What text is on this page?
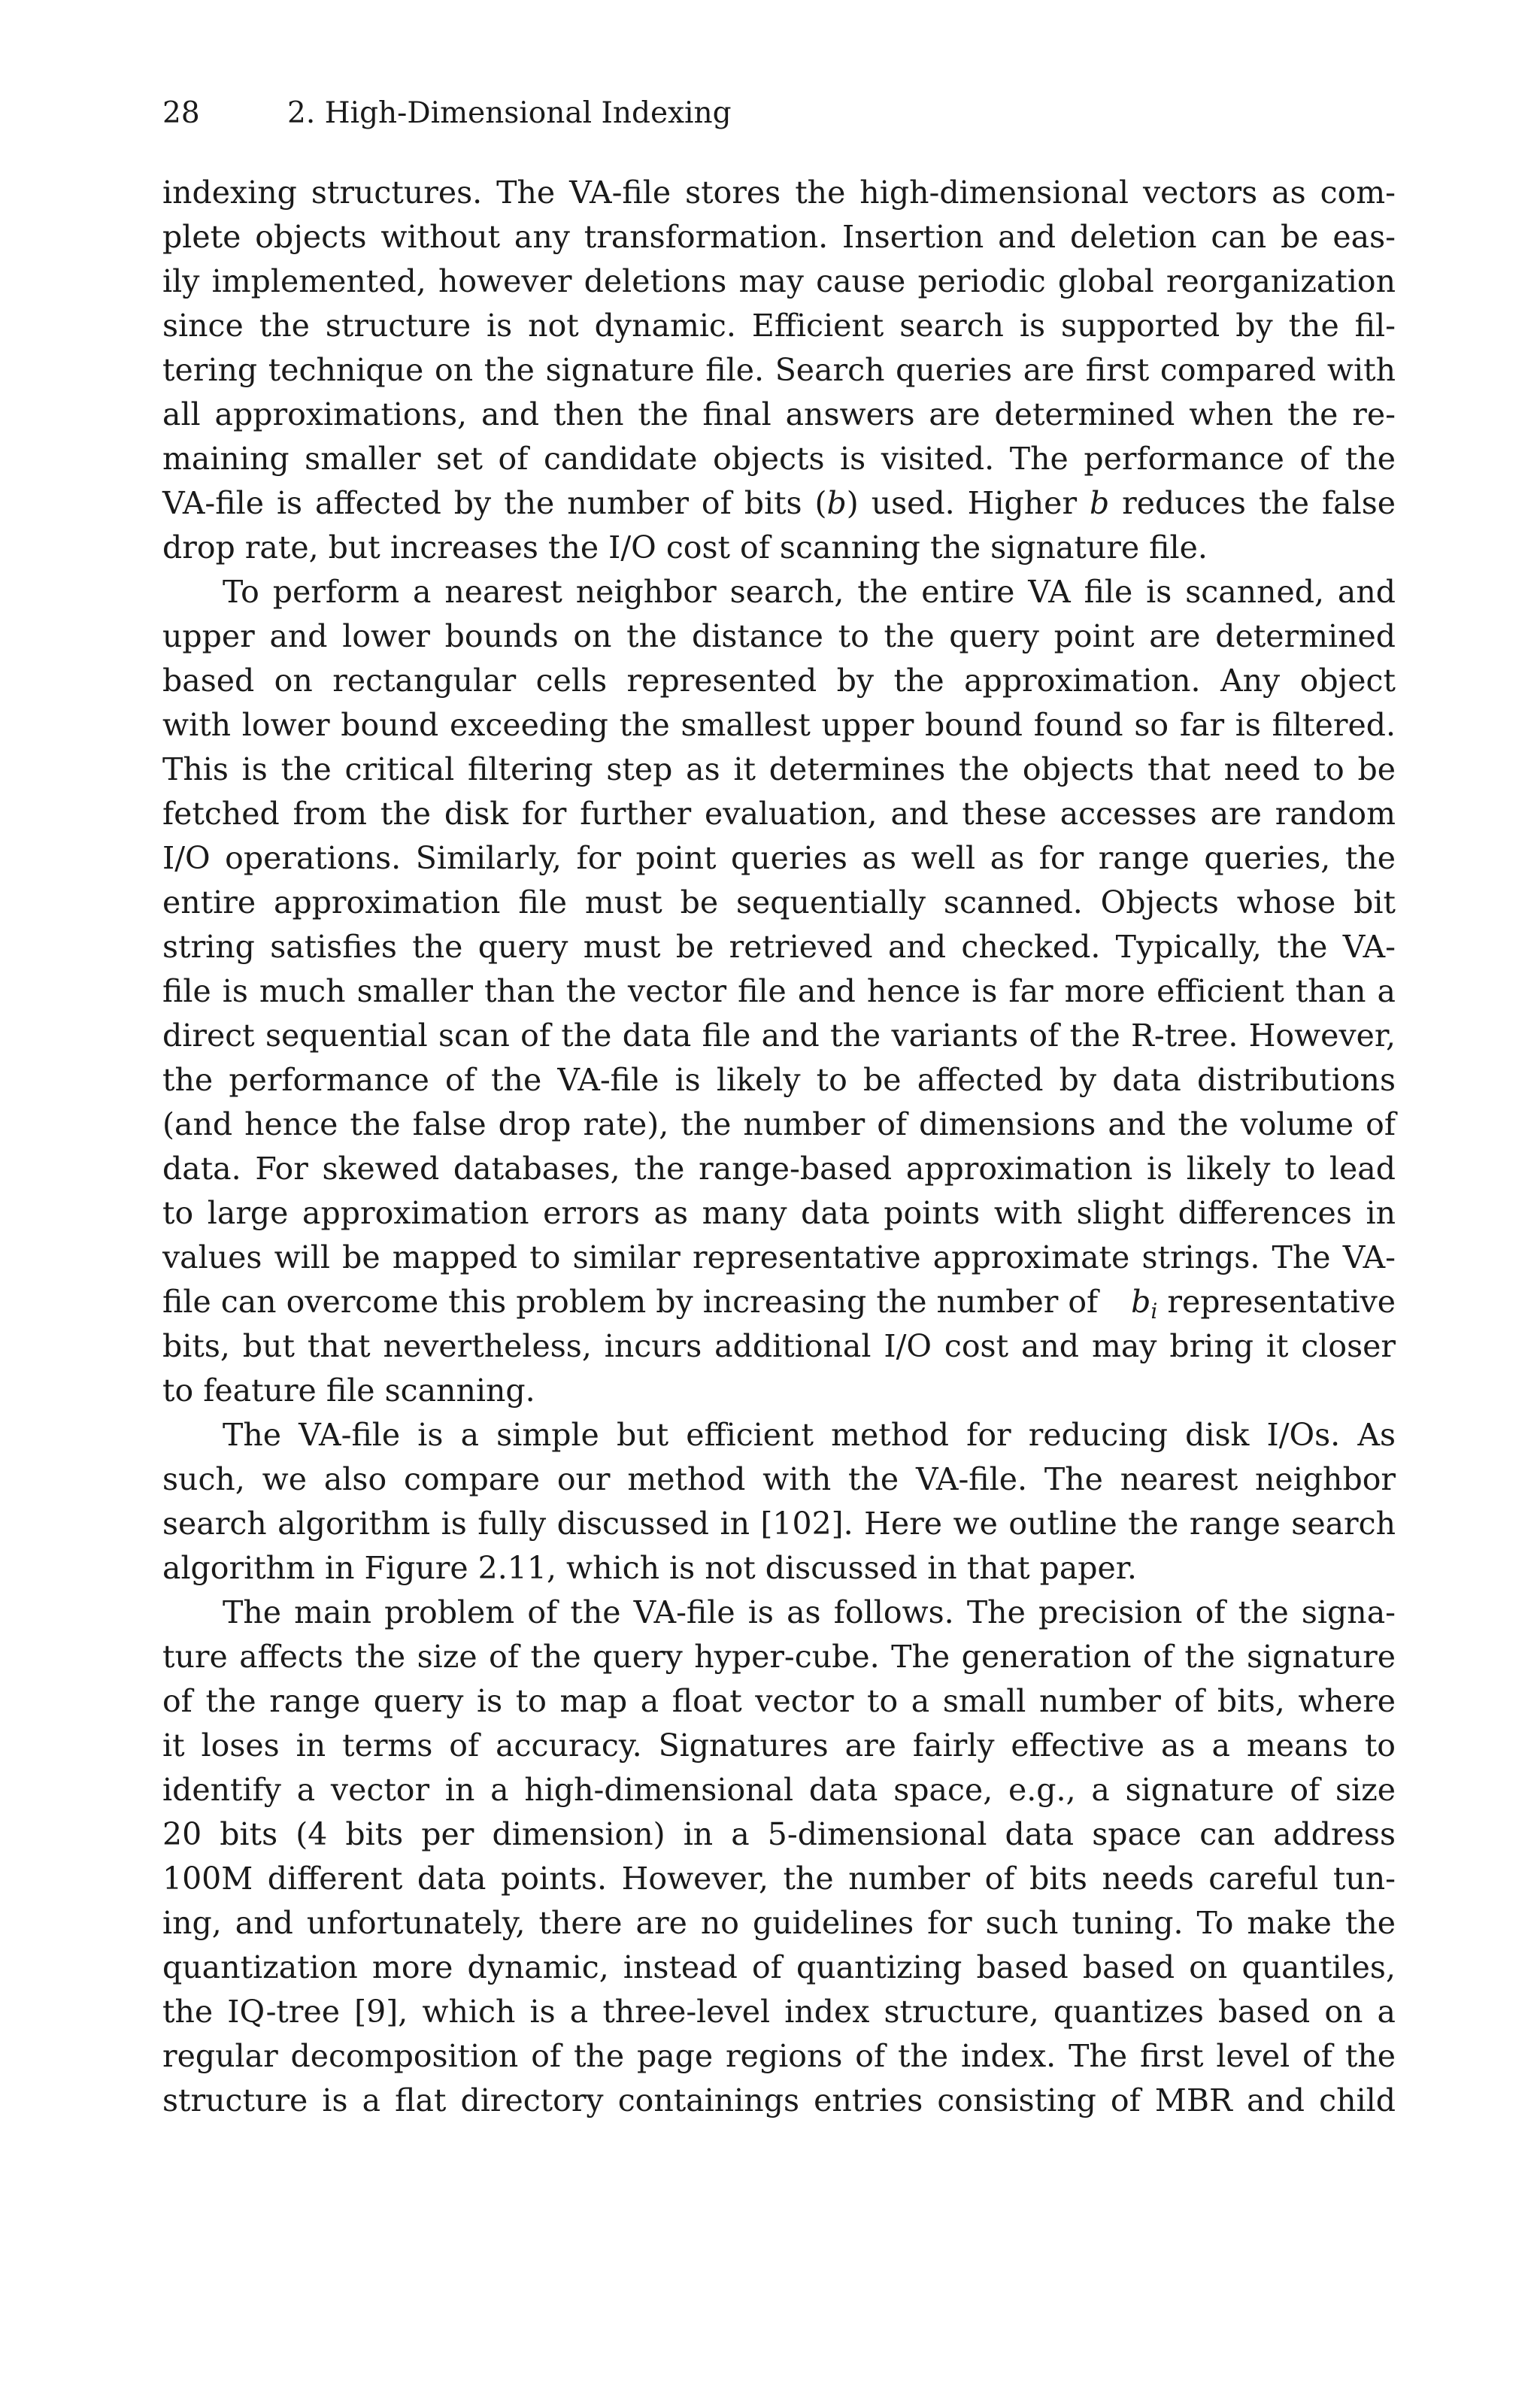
28	2. High-Dimensional Indexing
indexing structures. The VA-file stores the high-dimensional vectors as com-
plete objects without any transformation. Insertion and deletion can be eas-
ily implemented, however deletions may cause periodic global reorganization
since the structure is not dynamic. Efficient search is supported by the fil-
tering technique on the signature file. Search queries are first compared with
all approximations, and then the final answers are determined when the re-
maining smaller set of candidate objects is visited. The performance of the
VA-file is affected by the number of bits (b) used. Higher b reduces the false
drop rate, but increases the I/O cost of scanning the signature file.
To perform a nearest neighbor search, the entire VA file is scanned, and
upper and lower bounds on the distance to the query point are determined
based on rectangular cells represented by the approximation. Any object
with lower bound exceeding the smallest upper bound found so far is filtered.
This is the critical filtering step as it determines the objects that need to be
fetched from the disk for further evaluation, and these accesses are random
I/O operations. Similarly, for point queries as well as for range queries, the
entire approximation file must be sequentially scanned. Objects whose bit
string satisfies the query must be retrieved and checked. Typically, the VA-
file is much smaller than the vector file and hence is far more efficient than a
direct sequential scan of the data file and the variants of the R-tree. However,
the performance of the VA-file is likely to be affected by data distributions
(and hence the false drop rate), the number of dimensions and the volume of
data. For skewed databases, the range-based approximation is likely to lead
to large approximation errors as many data points with slight differences in
values will be mapped to similar representative approximate strings. The VA-
file can overcome this problem by increasing the number of $b_i$ representative
bits, but that nevertheless, incurs additional I/O cost and may bring it closer
to feature file scanning.
The VA-file is a simple but efficient method for reducing disk I/Os. As
such, we also compare our method with the VA-file. The nearest neighbor
search algorithm is fully discussed in [102]. Here we outline the range search
algorithm in Figure 2.11, which is not discussed in that paper.
The main problem of the VA-file is as follows. The precision of the signa-
ture affects the size of the query hyper-cube. The generation of the signature
of the range query is to map a float vector to a small number of bits, where
it loses in terms of accuracy. Signatures are fairly effective as a means to
identify a vector in a high-dimensional data space, e.g., a signature of size
20 bits (4 bits per dimension) in a 5-dimensional data space can address
100M different data points. However, the number of bits needs careful tun-
ing, and unfortunately, there are no guidelines for such tuning. To make the
quantization more dynamic, instead of quantizing based based on quantiles,
the IQ-tree [9], which is a three-level index structure, quantizes based on a
regular decomposition of the page regions of the index. The first level of the
structure is a flat directory containings entries consisting of MBR and child
